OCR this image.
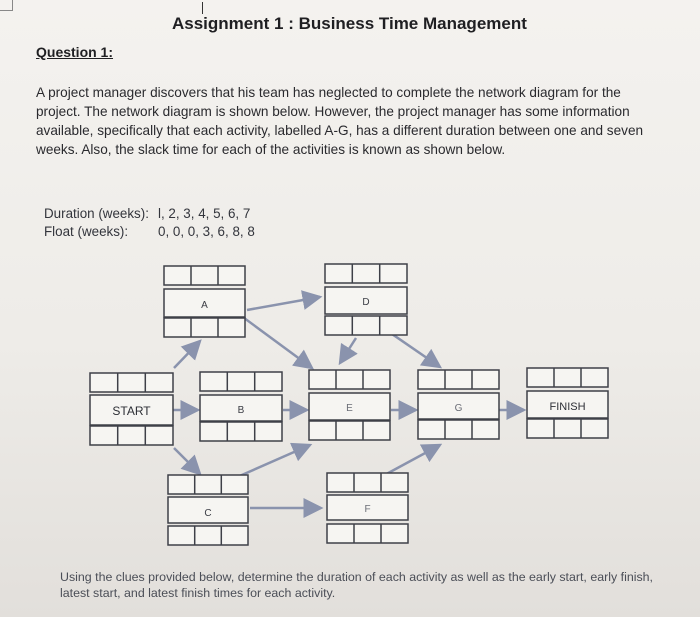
Assignment 1 : Business Time Management
Question 1:
A project manager discovers that his team has neglected to complete the network diagram for the project. The network diagram is shown below. However, the project manager has some information available, specifically that each activity, labelled A-G, has a different duration between one and seven weeks. Also, the slack time for each of the activities is known as shown below.
Duration (weeks): l, 2, 3, 4, 5, 6, 7
Float (weeks): 0, 0, 0, 3, 6, 8, 8
START
A
B
C
D
E
F
G	FINISH
Using the clues provided below, determine the duration of each activity as well as the early start, early finish, latest start, and latest finish times for each activity.
